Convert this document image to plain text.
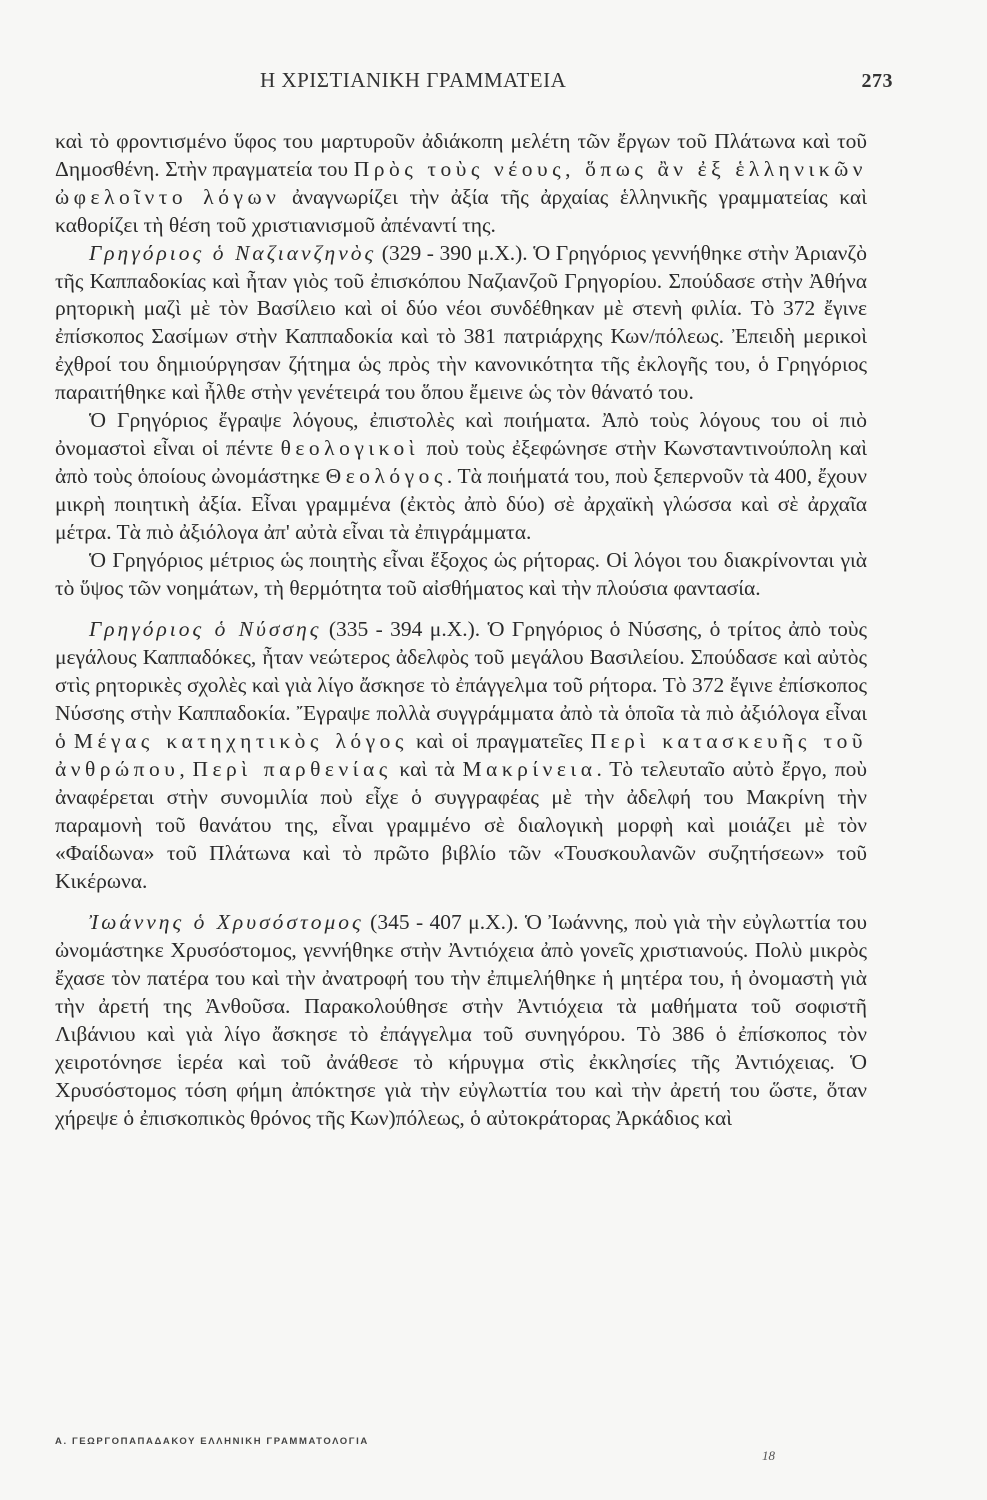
Η ΧΡΙΣΤΙΑΝΙΚΗ ΓΡΑΜΜΑΤΕΙΑ	273

καὶ τὸ φροντισμένο ὕφος του μαρτυροῦν ἀδιάκοπη μελέτη τῶν ἔργων τοῦ Πλάτωνα καὶ τοῦ Δημοσθένη. Στὴν πραγματεία του Πρὸς τοὺς νέους, ὅπως ἂν ἐξ ἑλληνικῶν ὠφελοῖντο λόγων ἀναγνωρίζει τὴν ἀξία τῆς ἀρχαίας ἑλληνικῆς γραμματείας καὶ καθορίζει τὴ θέση τοῦ χριστιανισμοῦ ἀπέναντί της.

Γρηγόριος ὁ Ναζιανζηνὸς (329 - 390 μ.Χ.). Ὁ Γρηγόριος γεννήθηκε στὴν Ἀριανζὸ τῆς Καππαδοκίας καὶ ἦταν γιὸς τοῦ ἐπισκόπου Ναζιανζοῦ Γρηγορίου. Σπούδασε στὴν Ἀθήνα ρητορικὴ μαζὶ μὲ τὸν Βασίλειο καὶ οἱ δύο νέοι συνδέθηκαν μὲ στενὴ φιλία. Τὸ 372 ἔγινε ἐπίσκοπος Σασίμων στὴν Καππαδοκία καὶ τὸ 381 πατριάρχης Κων/πόλεως. Ἐπειδὴ μερικοὶ ἐχθροί του δημιούργησαν ζήτημα ὡς πρὸς τὴν κανονικότητα τῆς ἐκλογῆς του, ὁ Γρηγόριος παραιτήθηκε καὶ ἦλθε στὴν γενέτειρά του ὅπου ἔμεινε ὡς τὸν θάνατό του.

Ὁ Γρηγόριος ἔγραψε λόγους, ἐπιστολὲς καὶ ποιήματα. Ἀπὸ τοὺς λόγους του οἱ πιὸ ὀνομαστοὶ εἶναι οἱ πέντε θεολογικοὶ ποὺ τοὺς ἐξεφώνησε στὴν Κωνσταντινούπολη καὶ ἀπὸ τοὺς ὁποίους ὠνομάστηκε Θεολόγος. Τὰ ποιήματά του, ποὺ ξεπερνοῦν τὰ 400, ἔχουν μικρὴ ποιητικὴ ἀξία. Εἶναι γραμμένα (ἐκτὸς ἀπὸ δύο) σὲ ἀρχαϊκὴ γλώσσα καὶ σὲ ἀρχαῖα μέτρα. Τὰ πιὸ ἀξιόλογα ἀπ' αὐτὰ εἶναι τὰ ἐπιγράμματα.

Ὁ Γρηγόριος μέτριος ὡς ποιητὴς εἶναι ἔξοχος ὡς ρήτορας. Οἱ λόγοι του διακρίνονται γιὰ τὸ ὕψος τῶν νοημάτων, τὴ θερμότητα τοῦ αἰσθήματος καὶ τὴν πλούσια φαντασία.

Γρηγόριος ὁ Νύσσης (335 - 394 μ.Χ.). Ὁ Γρηγόριος ὁ Νύσσης, ὁ τρίτος ἀπὸ τοὺς μεγάλους Καππαδόκες, ἦταν νεώτερος ἀδελφὸς τοῦ μεγάλου Βασιλείου. Σπούδασε καὶ αὐτὸς στὶς ρητορικὲς σχολὲς καὶ γιὰ λίγο ἄσκησε τὸ ἐπάγγελμα τοῦ ρήτορα. Τὸ 372 ἔγινε ἐπίσκοπος Νύσσης στὴν Καππαδοκία. Ἔγραψε πολλὰ συγγράμματα ἀπὸ τὰ ὁποῖα τὰ πιὸ ἀξιόλογα εἶναι ὁ Μέγας κατηχητικὸς λόγος καὶ οἱ πραγματεῖες Περὶ κατασκευῆς τοῦ ἀνθρώπου, Περὶ παρθενίας καὶ τὰ Μακρίνεια. Τὸ τελευταῖο αὐτὸ ἔργο, ποὺ ἀναφέρεται στὴν συνομιλία ποὺ εἶχε ὁ συγγραφέας μὲ τὴν ἀδελφή του Μακρίνη τὴν παραμονὴ τοῦ θανάτου της, εἶναι γραμμένο σὲ διαλογικὴ μορφὴ καὶ μοιάζει μὲ τὸν «Φαίδωνα» τοῦ Πλάτωνα καὶ τὸ πρῶτο βιβλίο τῶν «Τουσκουλανῶν συζητήσεων» τοῦ Κικέρωνα.

Ἰωάννης ὁ Χρυσόστομος (345 - 407 μ.Χ.). Ὁ Ἰωάννης, ποὺ γιὰ τὴν εὐγλωττία του ὠνομάστηκε Χρυσόστομος, γεννήθηκε στὴν Ἀντιόχεια ἀπὸ γονεῖς χριστιανούς. Πολὺ μικρὸς ἔχασε τὸν πατέρα του καὶ τὴν ἀνατροφή του τὴν ἐπιμελήθηκε ἡ μητέρα του, ἡ ὀνομαστὴ γιὰ τὴν ἀρετή της Ἀνθοῦσα. Παρακολούθησε στὴν Ἀντιόχεια τὰ μαθήματα τοῦ σοφιστῆ Λιβάνιου καὶ γιὰ λίγο ἄσκησε τὸ ἐπάγγελμα τοῦ συνηγόρου. Τὸ 386 ὁ ἐπίσκοπος τὸν χειροτόνησε ἱερέα καὶ τοῦ ἀνάθεσε τὸ κήρυγμα στὶς ἐκκλησίες τῆς Ἀντιόχειας. Ὁ Χρυσόστομος τόση φήμη ἀπόκτησε γιὰ τὴν εὐγλωττία του καὶ τὴν ἀρετή του ὥστε, ὅταν χήρεψε ὁ ἐπισκοπικὸς θρόνος τῆς Κων)πόλεως, ὁ αὐτοκράτορας Ἀρκάδιος καὶ

Α. ΓΕΩΡΓΟΠΑΠΑΔΑΚΟΥ ΕΛΛΗΝΙΚΗ ΓΡΑΜΜΑΤΟΛΟΓΙΑ
18
